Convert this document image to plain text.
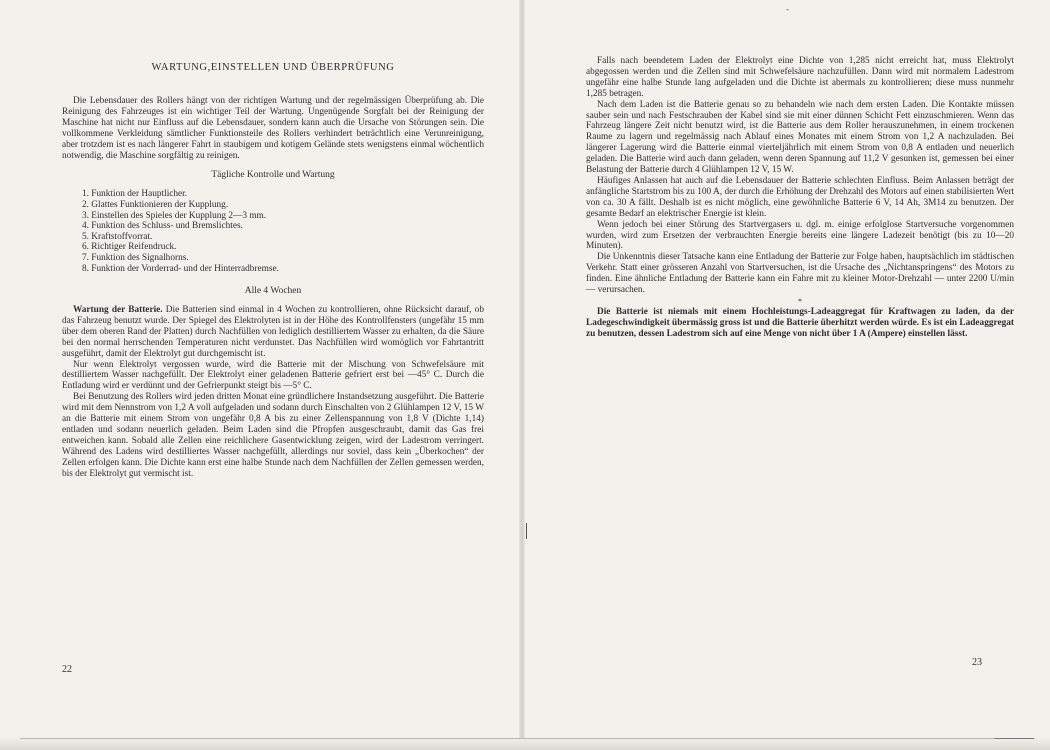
WARTUNG,EINSTELLEN UND ÜBERPRÜFUNG

Die Lebensdauer des Rollers hängt von der richtigen Wartung und der regelmässigen Überprüfung ab. Die Reinigung des Fahrzeuges ist ein wichtiger Teil der Wartung. Ungenügende Sorgfalt bei der Reinigung der Maschine hat nicht nur Einfluss auf die Lebensdauer, sondern kann auch die Ursache von Störungen sein. Die vollkommene Verkleidung sämtlicher Funktionsteile des Rollers verhindert beträchtlich eine Verunreinigung, aber trotzdem ist es nach längerer Fahrt in staubigem und kotigem Gelände stets wenigstens einmal wöchentlich notwendig, die Maschine sorgfältig zu reinigen.

Tägliche Kontrolle und Wartung
1. Funktion der Hauptlicher.
2. Glattes Funktionieren der Kupplung.
3. Einstellen des Spieles der Kupplung 2—3 mm.
4. Funktion des Schluss- und Bremslichtes.
5. Kraftstoffvorrat.
6. Richtiger Reifendruck.
7. Funktion des Signalhorns.
8. Funktion der Vorderrad- und der Hinterradbremse.
Alle 4 Wochen

Wartung der Batterie. Die Batterien sind einmal in 4 Wochen zu kontrollieren, ohne Rücksicht darauf, ob das Fahrzeug benutzt wurde. Der Spiegel des Elektrolyten ist in der Höhe des Kontrollfensters (ungefähr 15 mm über dem oberen Rand der Platten) durch Nachfüllen von lediglich destilliertem Wasser zu erhalten, da die Säure bei den normal herrschenden Temperaturen nicht verdunstet. Das Nachfüllen wird womöglich vor Fahrtantritt ausgeführt, damit der Elektrolyt gut durchgemischt ist.

Nur wenn Elektrolyt vergossen wurde, wird die Batterie mit der Mischung von Schwefelsäure mit destilliertem Wasser nachgefüllt. Der Elektrolyt einer geladenen Batterie gefriert erst bei —45° C. Durch die Entladung wird er verdünnt und der Gefrierpunkt steigt bis —5° C.

Bei Benutzung des Rollers wird jeden dritten Monat eine gründlichere Instandsetzung ausgeführt. Die Batterie wird mit dem Nennstrom von 1,2 A voll aufgeladen und sodann durch Einschalten von 2 Glühlampen 12 V, 15 W an die Batterie mit einem Strom von ungefähr 0,8 A bis zu einer Zellenspannung von 1,8 V (Dichte 1,14) entladen und sodann neuerlich geladen. Beim Laden sind die Pfropfen ausgeschraubt, damit das Gas frei entweichen kann. Sobald alle Zellen eine reichlichere Gasentwicklung zeigen, wird der Ladestrom verringert. Während des Ladens wird destilliertes Wasser nachgefüllt, allerdings nur soviel, dass kein „Überkochen“ der Zellen erfolgen kann. Die Dichte kann erst eine halbe Stunde nach dem Nachfüllen der Zellen gemessen werden, bis der Elektrolyt gut vermischt ist.

22

Falls nach beendetem Laden der Elektrolyt eine Dichte von 1,285 nicht erreicht hat, muss Elektrolyt abgegossen werden und die Zellen sind mit Schwefelsäure nachzufüllen. Dann wird mit normalem Ladestrom ungefähr eine halbe Stunde lang aufgeladen und die Dichte ist abermals zu kontrollieren; diese muss nunmehr 1,285 betragen.

Nach dem Laden ist die Batterie genau so zu behandeln wie nach dem ersten Laden. Die Kontakte müssen sauber sein und nach Festschrauben der Kabel sind sie mit einer dünnen Schicht Fett einzuschmieren. Wenn das Fahrzeug längere Zeit nicht benutzt wird, ist die Batterie aus dem Roller herauszunehmen, in einem trockenen Raume zu lagern und regelmässig nach Ablauf eines Monates mit einem Strom von 1,2 A nachzuladen. Bei längerer Lagerung wird die Batterie einmal vierteljährlich mit einem Strom von 0,8 A entladen und neuerlich geladen. Die Batterie wird auch dann geladen, wenn deren Spannung auf 11,2 V gesunken ist, gemessen bei einer Belastung der Batterie durch 4 Glühlampen 12 V, 15 W.

Häufiges Anlassen hat auch auf die Lebensdauer der Batterie schlechten Einfluss. Beim Anlassen beträgt der anfängliche Startstrom bis zu 100 A, der durch die Erhöhung der Drehzahl des Motors auf einen stabilisierten Wert von ca. 30 A fällt. Deshalb ist es nicht möglich, eine gewöhnliche Batterie 6 V, 14 Ah, 3M14 zu benutzen. Der gesamte Bedarf an elektrischer Energie ist klein.

Wenn jedoch bei einer Störung des Startvergasers u. dgl. m. einige erfolglose Startversuche vorgenommen wurden, wird zum Ersetzen der verbrauchten Energie bereits eine längere Ladezeit benötigt (bis zu 10—20 Minuten).

Die Unkenntnis dieser Tatsache kann eine Entladung der Batterie zur Folge haben, hauptsächlich im städtischen Verkehr. Statt einer grösseren Anzahl von Startversuchen, ist die Ursache des „Nichtanspringens“ des Motors zu finden. Eine ähnliche Entladung der Batterie kann ein Fahre mit zu kleiner Motor-Drehzahl — unter 2200 U/min — verursachen.

*

Die Batterie ist niemals mit einem Hochleistungs-Ladeaggregat für Kraftwagen zu laden, da der Ladegeschwindigkeit übermässig gross ist und die Batterie überhitzt werden würde. Es ist ein Ladeaggregat zu benutzen, dessen Ladestrom sich auf eine Menge von nicht über 1 A (Ampere) einstellen lässt.

23
-
